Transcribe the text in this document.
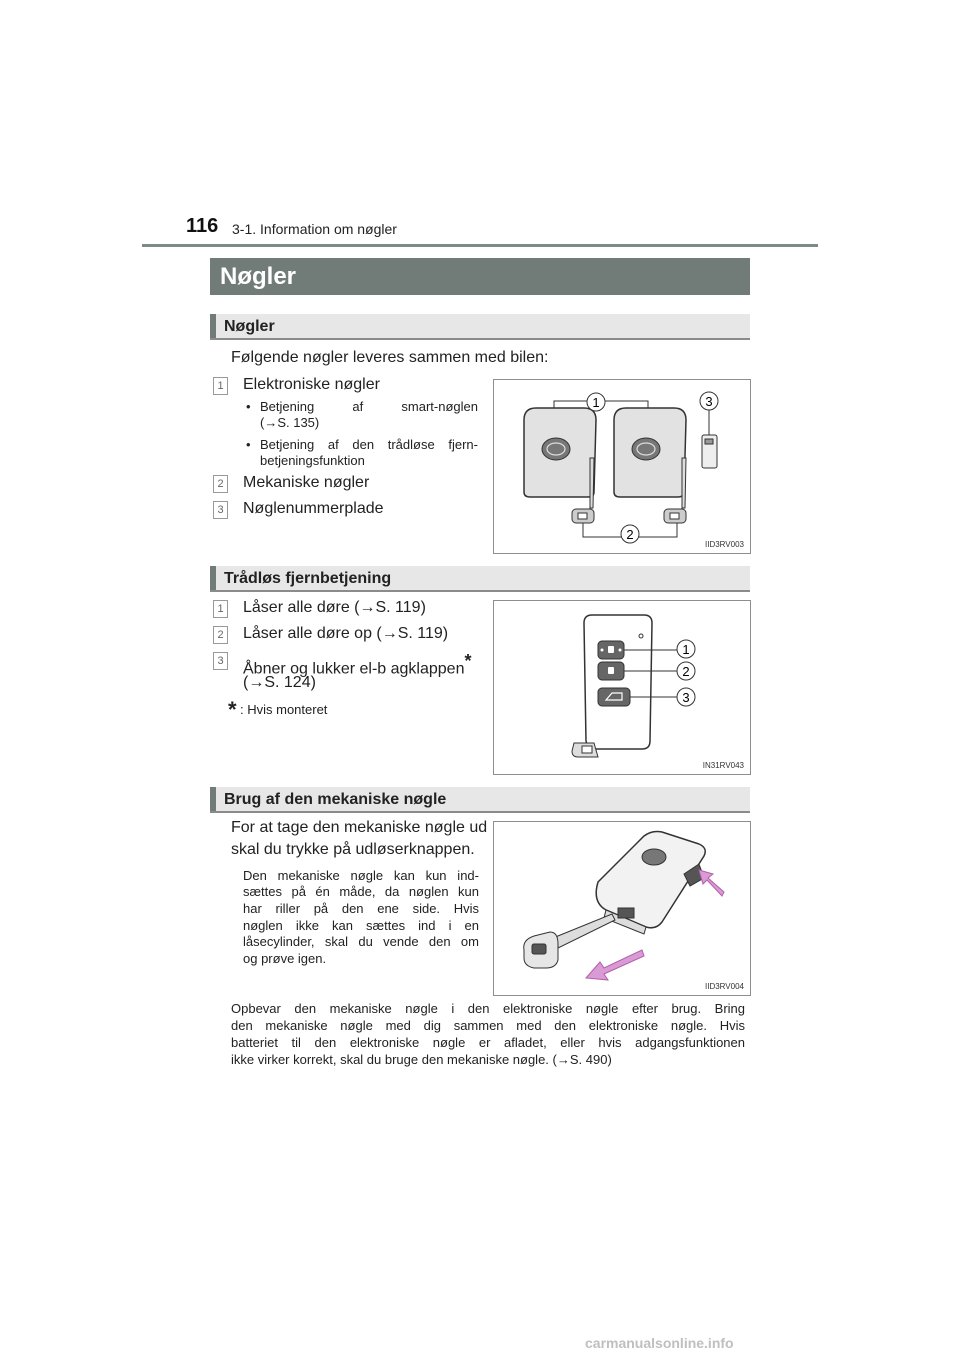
116 3-1. Information om nøgler
Nøgler
Nøgler
Følgende nøgler leveres sammen med bilen:
1 Elektroniske nøgler
• Betjening af smart-nøglen
(→S. 135)
• Betjening af den trådløse fjern-
betjeningsfunktion
2 Mekaniske nøgler
3 Nøglenummerplade
1
2
3
IID3RV003
Trådløs fjernbetjening
1 Låser alle døre (→S. 119)
2 Låser alle døre op (→S. 119)
3 Åbner og lukker el-b agklappen*
(→S. 124)
* : Hvis monteret
1
2
3
IN31RV043
Brug af den mekaniske nøgle
For at tage den mekaniske nøgle ud
skal du trykke på udløserknappen.
Den mekaniske nøgle kan kun ind-
sættes på én måde, da nøglen kun
har riller på den ene side. Hvis
nøglen ikke kan sættes ind i en
låsecylinder, skal du vende den om
og prøve igen.
IID3RV004
Opbevar den mekaniske nøgle i den elektroniske nøgle efter brug. Bring
den mekaniske nøgle med dig sammen med den elektroniske nøgle. Hvis
batteriet til den elektroniske nøgle er afladet, eller hvis adgangsfunktionen
ikke virker korrekt, skal du bruge den mekaniske nøgle. (→S. 490)
carmanualsonline.info
